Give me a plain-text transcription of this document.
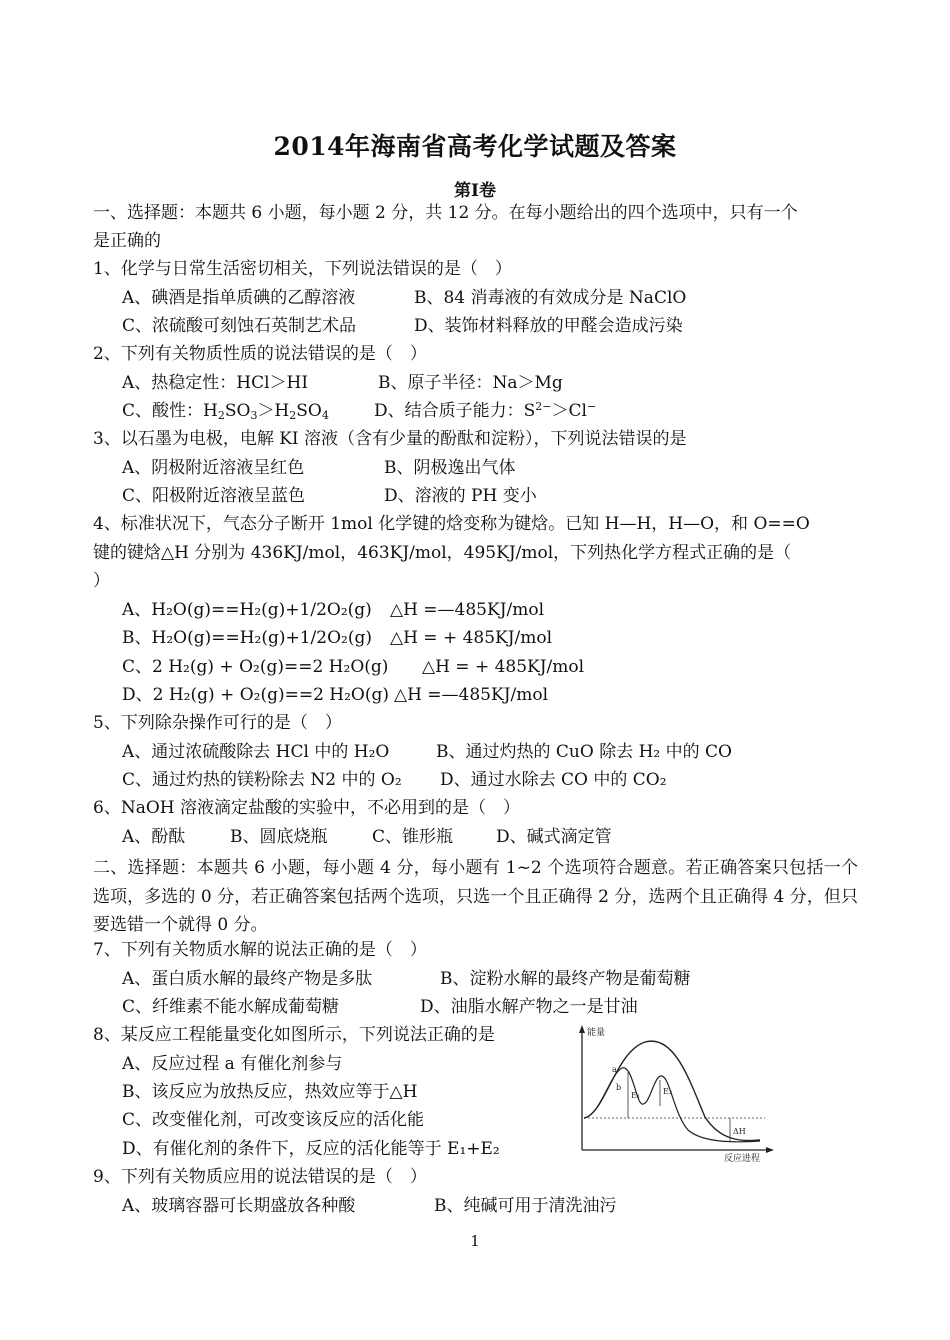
2014年海南省高考化学试题及答案
第Ⅰ卷
一、选择题：本题共 6 小题，每小题 2 分，共 12 分。在每小题给出的四个选项中，只有一个
是正确的
1、化学与日常生活密切相关，下列说法错误的是（　）
A、碘酒是指单质碘的乙醇溶液	B、84 消毒液的有效成分是 NaClO
C、浓硫酸可刻蚀石英制艺术品	D、装饰材料释放的甲醛会造成污染
2、下列有关物质性质的说法错误的是（　）
A、热稳定性：HCl＞HI	B、原子半径：Na＞Mg
C、酸性：$H_2SO_3>H_2SO_4$	D、结合质子能力：$S^{2-}>Cl^-$
3、以石墨为电极，电解 KI 溶液（含有少量的酚酞和淀粉），下列说法错误的是
A、阴极附近溶液呈红色	B、阴极逸出气体
C、阳极附近溶液呈蓝色	D、溶液的 PH 变小
4、标准状况下，气态分子断开 1mol 化学键的焓变称为键焓。已知 H—H，H—O，和 O==O
键的键焓△H 分别为 436KJ/mol，463KJ/mol，495KJ/mol，下列热化学方程式正确的是（
）
A、H₂O(g)==H₂(g)+1/2O₂(g) △H =—485KJ/mol
B、H₂O(g)==H₂(g)+1/2O₂(g) △H = + 485KJ/mol
C、2 H₂(g) + O₂(g)==2 H₂O(g) △H = + 485KJ/mol
D、2 H₂(g) + O₂(g)==2 H₂O(g) △H =—485KJ/mol
5、下列除杂操作可行的是（　）
A、通过浓硫酸除去 HCl 中的 H₂O	B、通过灼热的 CuO 除去 H₂ 中的 CO
C、通过灼热的镁粉除去 N2 中的 O₂ D、通过水除去 CO 中的 CO₂
6、NaOH 溶液滴定盐酸的实验中，不必用到的是（　）
A、酚酞	B、圆底烧瓶	C、锥形瓶	D、碱式滴定管
二、选择题：本题共 6 小题，每小题 4 分，每小题有 1~2 个选项符合题意。若正确答案只包括一个选项，多选的 0 分，若正确答案包括两个选项，只选一个且正确得 2 分，选两个且正确得 4 分，但只要选错一个就得 0 分。
7、下列有关物质水解的说法正确的是（　）
A、蛋白质水解的最终产物是多肽	B、淀粉水解的最终产物是葡萄糖
C、纤维素不能水解成葡萄糖	D、油脂水解产物之一是甘油
8、某反应工程能量变化如图所示，下列说法正确的是
A、反应过程 a 有催化剂参与
B、该反应为放热反应，热效应等于△H
C、改变催化剂，可改变该反应的活化能
D、有催化剂的条件下，反应的活化能等于 E₁+E₂
能量
反应进程
a
b
E₁	E₂
ΔH
9、下列有关物质应用的说法错误的是（　）
A、玻璃容器可长期盛放各种酸	B、纯碱可用于清洗油污
1
